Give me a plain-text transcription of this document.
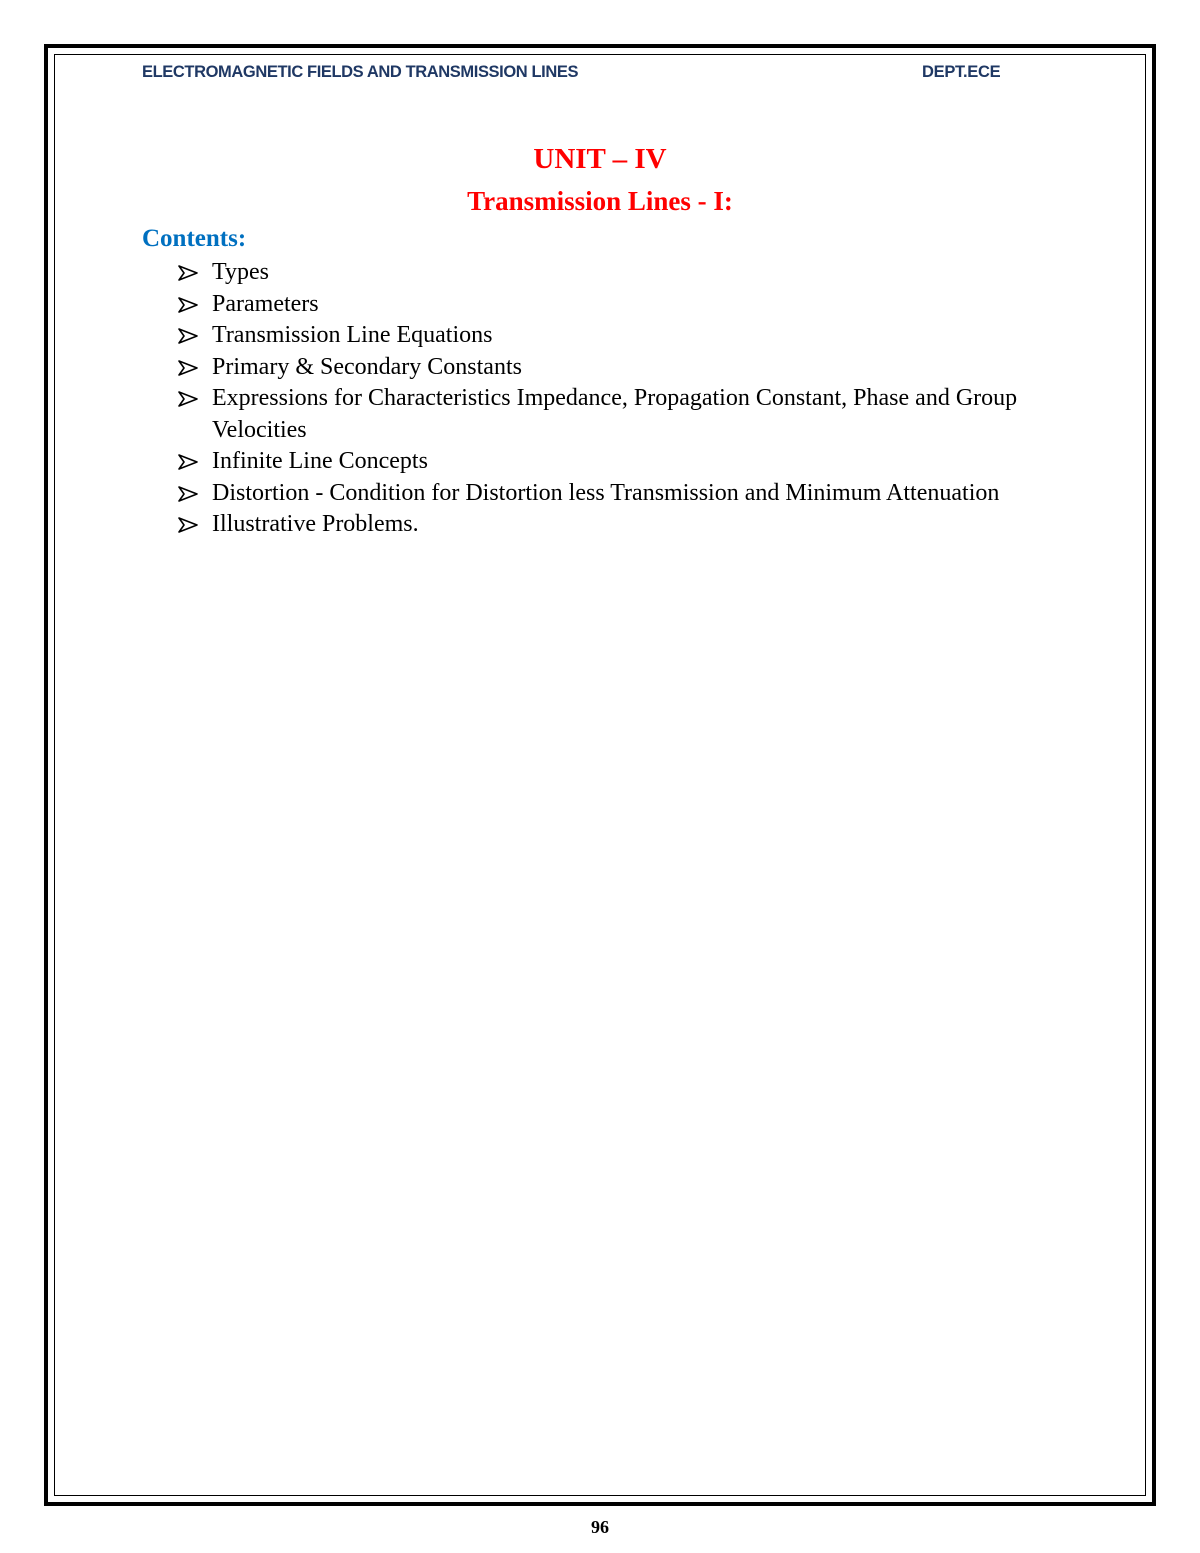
ELECTROMAGNETIC FIELDS AND TRANSMISSION LINES	DEPT.ECE
UNIT – IV
Transmission Lines - I:
Contents:
Types
Parameters
Transmission Line Equations
Primary & Secondary Constants
Expressions for Characteristics Impedance, Propagation Constant, Phase and Group Velocities
Infinite Line Concepts
Distortion - Condition for Distortion less Transmission and Minimum Attenuation
Illustrative Problems.
96
